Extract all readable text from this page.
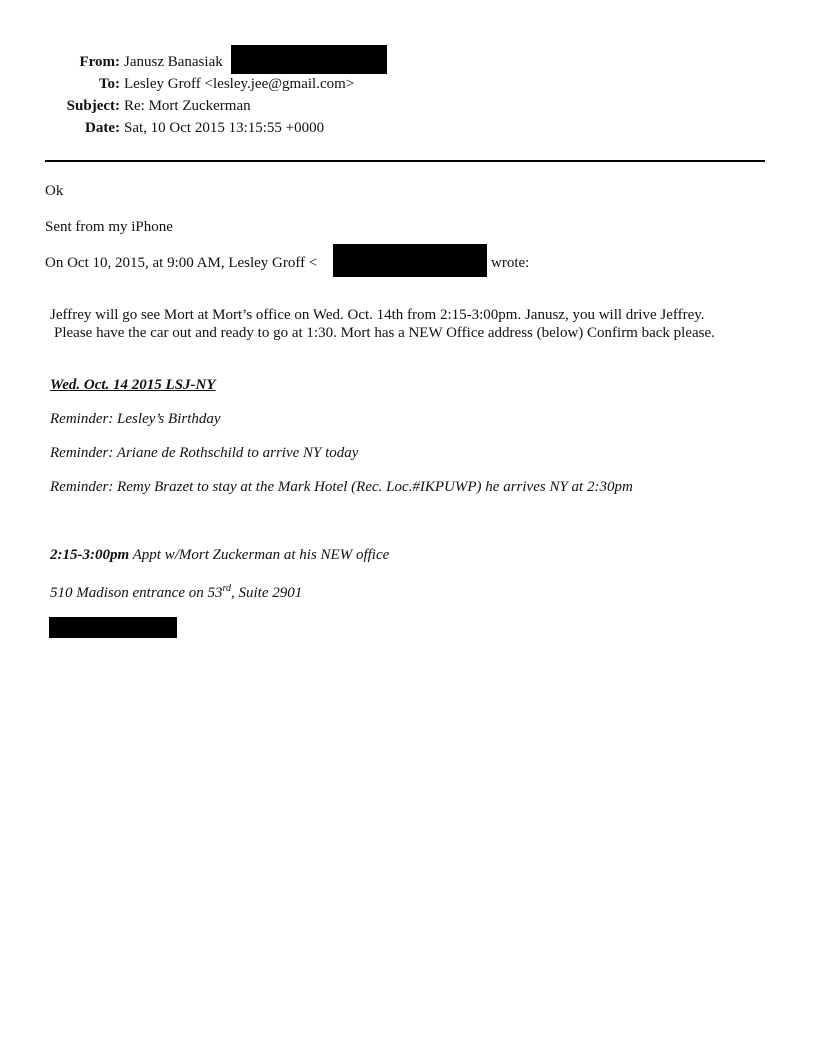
From: Janusz Banasiak
To: Lesley Groff <lesley.jee@gmail.com>
Subject: Re: Mort Zuckerman
Date: Sat, 10 Oct 2015 13:15:55 +0000
Ok
Sent from my iPhone
On Oct 10, 2015, at 9:00 AM, Lesley Groff <	wrote:
Jeffrey will go see Mort at Mort’s office on Wed. Oct. 14th from 2:15-3:00pm. Janusz, you will drive Jeffrey.
Please have the car out and ready to go at 1:30. Mort has a NEW Office address (below) Confirm back please.
Wed. Oct. 14 2015 LSJ-NY
Reminder: Lesley’s Birthday
Reminder: Ariane de Rothschild to arrive NY today
Reminder: Remy Brazet to stay at the Mark Hotel (Rec. Loc.#IKPUWP) he arrives NY at 2:30pm
2:15-3:00pm Appt w/Mort Zuckerman at his NEW office
510 Madison entrance on 53rd, Suite 2901
